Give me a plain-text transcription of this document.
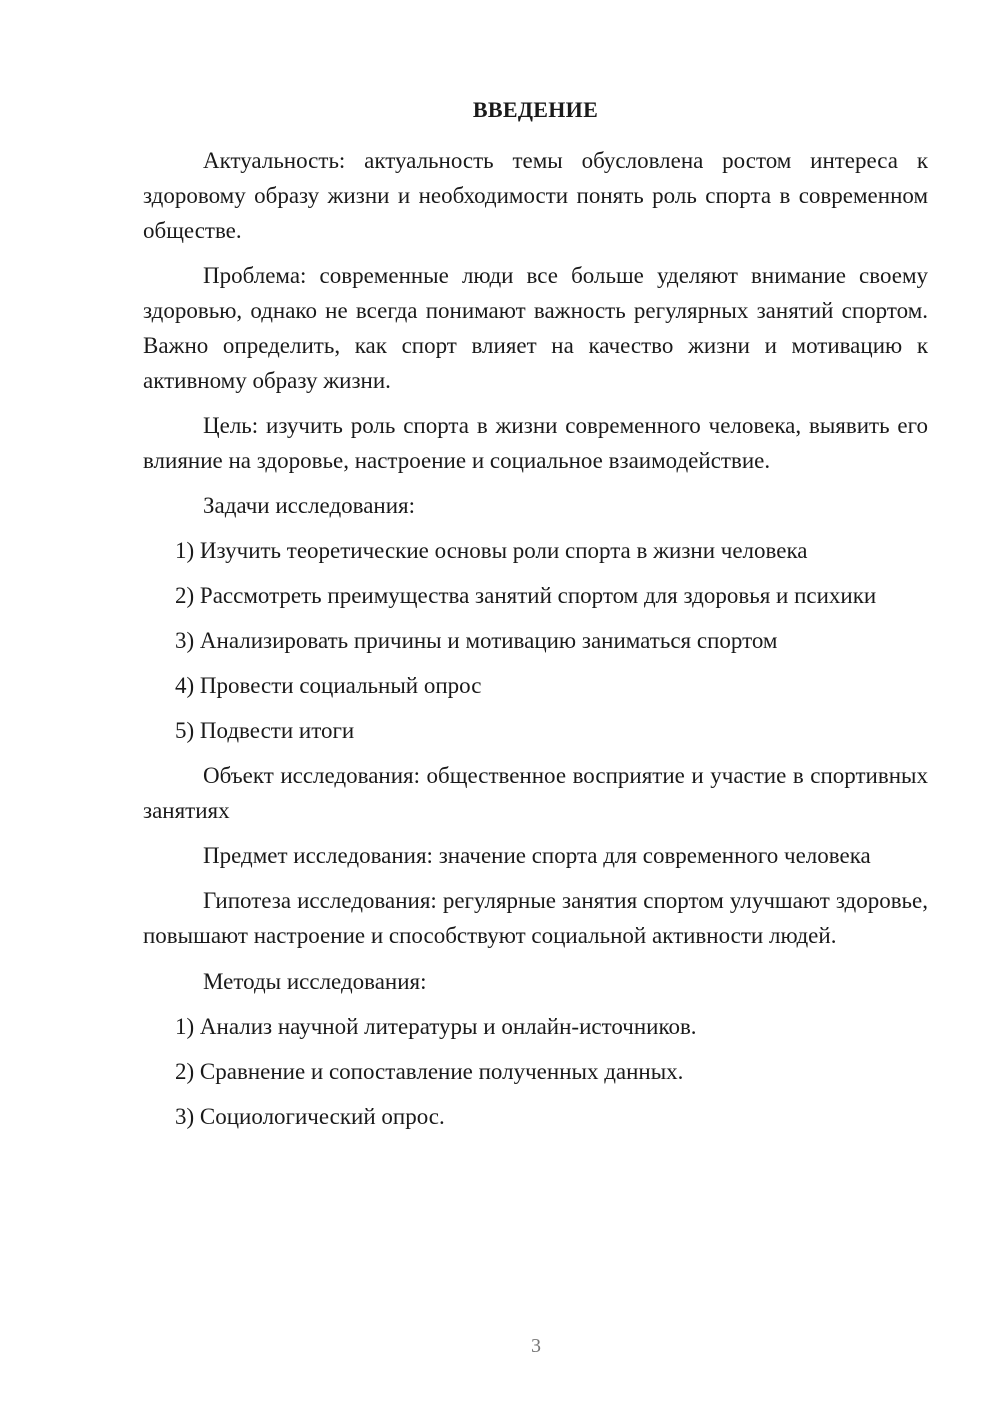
ВВЕДЕНИЕ

Актуальность: актуальность темы обусловлена ростом интереса к здоровому образу жизни и необходимости понять роль спорта в современном обществе.

Проблема: современные люди все больше уделяют внимание своему здоровью, однако не всегда понимают важность регулярных занятий спортом. Важно определить, как спорт влияет на качество жизни и мотивацию к активному образу жизни.

Цель: изучить роль спорта в жизни современного человека, выявить его влияние на здоровье, настроение и социальное взаимодействие.

Задачи исследования:

1) Изучить теоретические основы роли спорта в жизни человека

2) Рассмотреть преимущества занятий спортом для здоровья и психики

3) Анализировать причины и мотивацию заниматься спортом

4) Провести социальный опрос

5) Подвести итоги

Объект исследования: общественное восприятие и участие в спортивных занятиях

Предмет исследования: значение спорта для современного человека

Гипотеза исследования: регулярные занятия спортом улучшают здоровье, повышают настроение и способствуют социальной активности людей.

Методы исследования:

1) Анализ научной литературы и онлайн-источников.

2) Сравнение и сопоставление полученных данных.

3) Социологический опрос.

3
